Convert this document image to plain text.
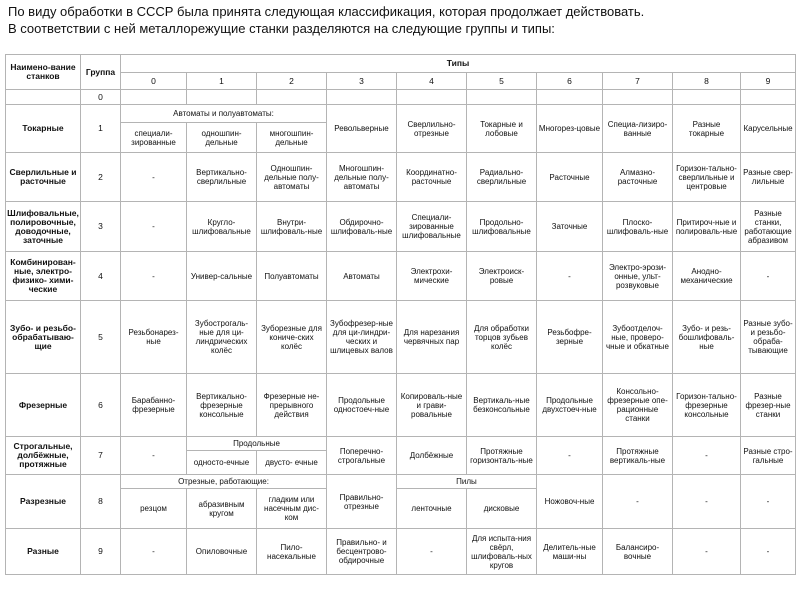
По виду обработки в СССР была принята следующая классификация, которая продолжает действовать.

В соответствии с ней металлорежущие станки разделяются на следующие группы и типы:

Наимено-вание станков	Группа	Типы									
		0	1	2	3	4	5	6	7	8	9
	0										
Токарные	1	Автоматы и полуавтоматы:			Револьверные	Сверлильно-отрезные	Токарные и лобовые	Многорез-цовые	Специа-лизиро-ванные	Разные токарные	Карусельные
		специали-зированные	одношпин-дельные	многошпин-дельные							
Сверлильные и расточные	2	-	Вертикально-сверлильные	Одношпин-дельные полу-автоматы	Многошпин-дельные полу-автоматы	Координатно-расточные	Радиально-сверлильные	Расточные	Алмазно-расточные	Горизон-тально-сверлильные и центровые	Разные свер-лильные
Шлифовальные, полировочные, доводочные, заточные	3	-	Кругло-шлифовальные	Внутри-шлифоваль-ные	Обдирочно-шлифоваль-ные	Специали-зированные шлифовальные	Продольно-шлифовальные	Заточные	Плоско-шлифоваль-ные	Притироч-ные и полироваль-ные	Разные станки, работающие абразивом
Комбинирован-ные, электро-физико- хими-ческие	4	-	Универ-сальные	Полуавтоматы	Автоматы	Электрохи-мические	Электроиск-ровые	-	Электро-эрози- онные, ульт-розвуковые	Анодно-механические	-
Зубо- и резьбо-обрабатываю-щие	5	Резьбонарез-ные	Зубострогаль-ные для ци-линдрических колёс	Зуборезные для кониче-ских колёс	Зубофрезер-ные для ци-линдри-ческих и шлицевых валов	Для нарезания червячных пар	Для обработки торцов зубьев колёс	Резьбофре-зерные	Зубоотделоч-ные, проверо-чные и обкатные	Зубо- и резь-бошлифоваль-ные	Разные зубо- и резьбо-обраба-тывающие
Фрезерные	6	Барабанно-фрезерные	Вертикально-фрезерные консольные	Фрезерные не-прерывного действия	Продольные одностоеч-ные	Копироваль-ные и грави-ровальные	Вертикаль-ные безконсольные	Продольные двухстоеч-ные	Консольно-фрезерные опе-рационные станки	Горизон-тально-фрезерные консольные	Разные фрезер-ные станки
Строгальные, долбёжные, протяжные	7	-	Продольные		Поперечно-строгальные	Долбёжные	Протяжные горизонталь-ные	-	Протяжные вертикаль-ные	-	Разные стро-гальные
			односто-ечные	двусто- ечные							
Разрезные	8	Отрезные, работающие:			Правильно-отрезные	Пилы		Ножовоч-ные	-	-	-
		резцом	абразивным кругом	гладким или насечным дис-ком		ленточные	дисковые				
Разные	9	-	Опиловочные	Пило-насекальные	Правильно- и бесцентрово-обдирочные	-	Для испыта-ния свёрл, шлифоваль-ных кругов	Делитель-ные маши-ны	Балансиро-вочные	-	-
